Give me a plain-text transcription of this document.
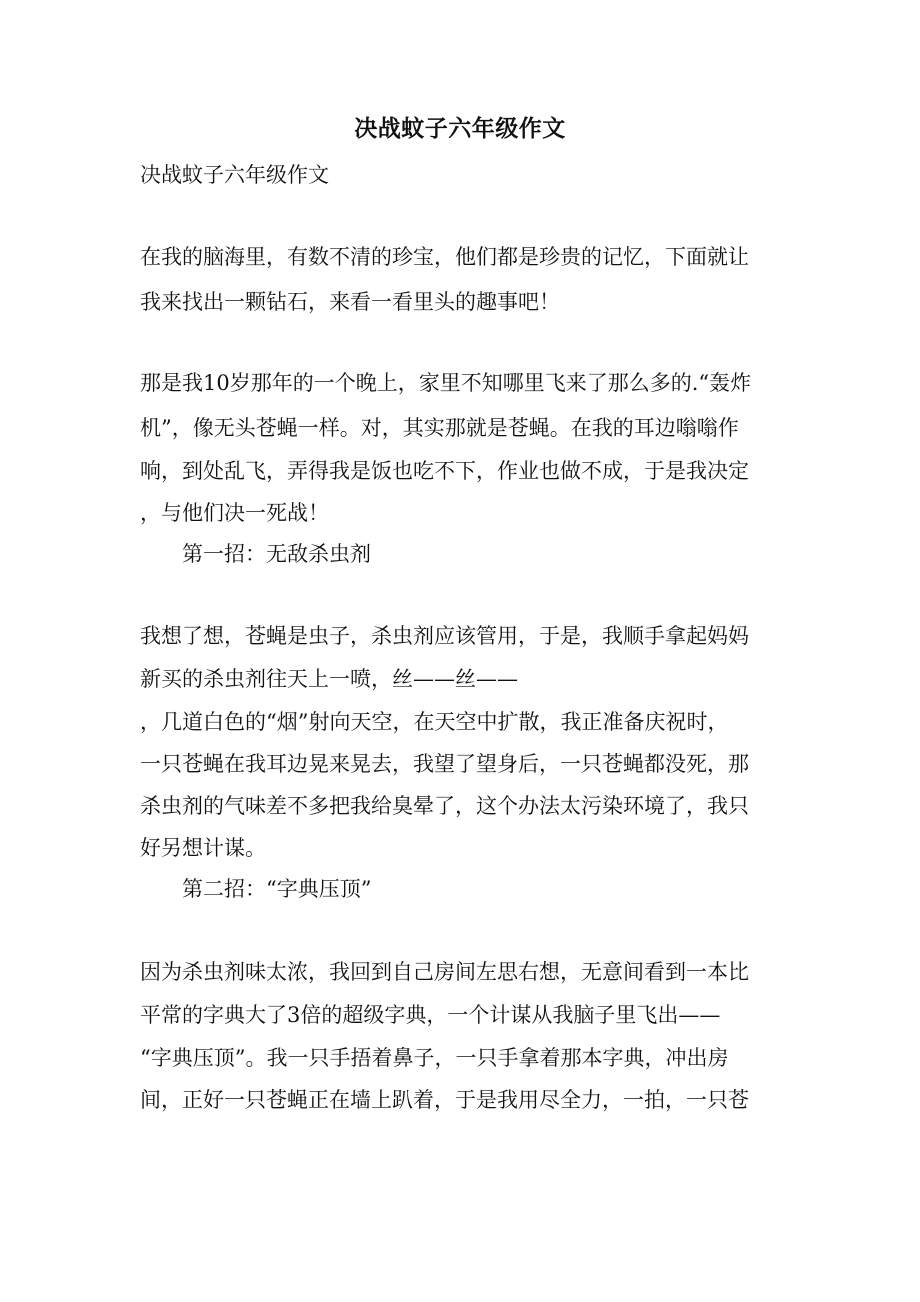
决战蚊子六年级作文
决战蚊子六年级作文
在我的脑海里，有数不清的珍宝，他们都是珍贵的记忆，下面就让
我来找出一颗钻石，来看一看里头的趣事吧！
那是我10岁那年的一个晚上，家里不知哪里飞来了那么多的.“轰炸
机”，像无头苍蝇一样。对，其实那就是苍蝇。在我的耳边嗡嗡作
响，到处乱飞，弄得我是饭也吃不下，作业也做不成，于是我决定
，与他们决一死战！
第一招：无敌杀虫剂
我想了想，苍蝇是虫子，杀虫剂应该管用，于是，我顺手拿起妈妈
新买的杀虫剂往天上一喷，丝——丝——
，几道白色的“烟”射向天空，在天空中扩散，我正准备庆祝时，
一只苍蝇在我耳边晃来晃去，我望了望身后，一只苍蝇都没死，那
杀虫剂的气味差不多把我给臭晕了，这个办法太污染环境了，我只
好另想计谋。
第二招：“字典压顶”
因为杀虫剂味太浓，我回到自己房间左思右想，无意间看到一本比
平常的字典大了3倍的超级字典，一个计谋从我脑子里飞出——
“字典压顶”。我一只手捂着鼻子，一只手拿着那本字典，冲出房
间，正好一只苍蝇正在墙上趴着，于是我用尽全力，一拍，一只苍
